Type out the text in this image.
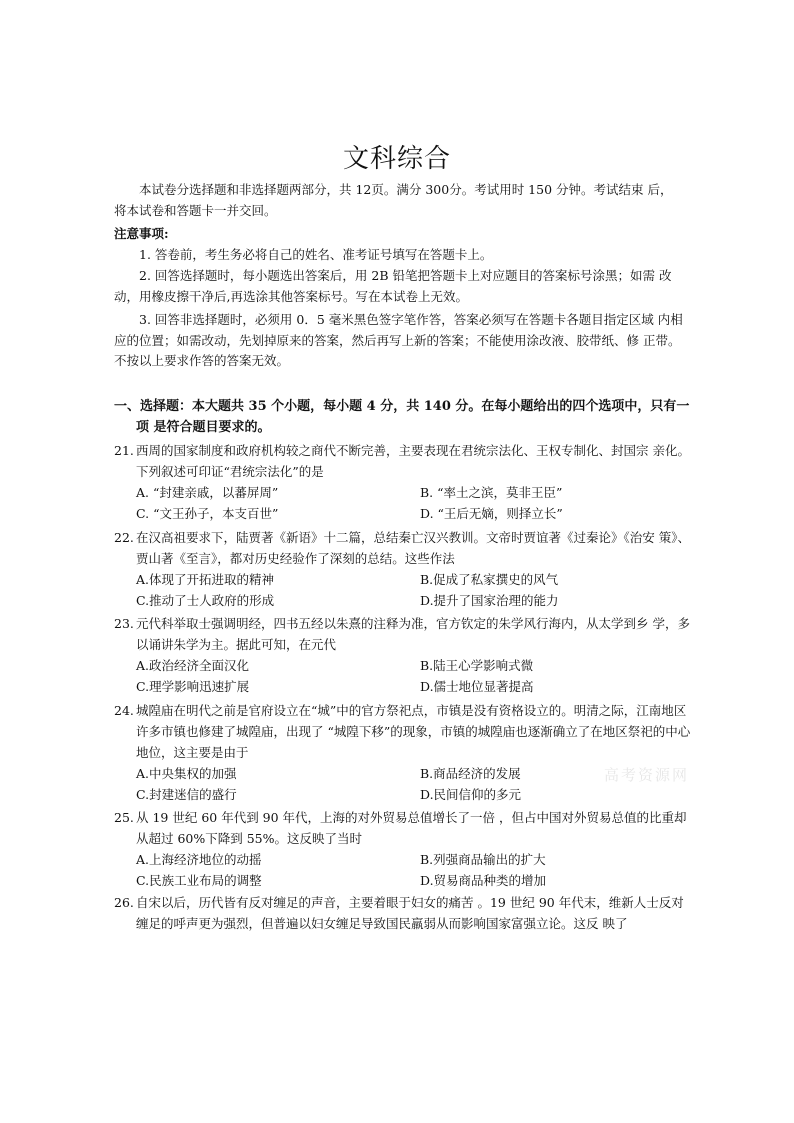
文科综合

本试卷分选择题和非选择题两部分，共 12页。满分 300分。考试用时 150 分钟。考试结束 后，将本试卷和答题卡一并交回。

注意事项:

1. 答卷前，考生务必将自己的姓名、准考证号填写在答题卡上。

2. 回答选择题时，每小题选出答案后，用 2B 铅笔把答题卡上对应题目的答案标号涂黑；如需 改动，用橡皮擦干净后,再选涂其他答案标号。写在本试卷上无效。

3. 回答非选择题时，必须用 0．5 毫米黑色签字笔作答，答案必须写在答题卡各题目指定区域 内相应的位置；如需改动，先划掉原来的答案，然后再写上新的答案；不能使用涂改液、胶带纸、修 正带。不按以上要求作答的答案无效。

一、选择题：本大题共 35 个小题，每小题 4 分，共 140 分。在每小题给出的四个选项中，只有一
项 是符合题目要求的。
21. 西周的国家制度和政府机构较之商代不断完善，主要表现在君统宗法化、王权专制化、封国宗 亲化。下列叙述可印证“君统宗法化”的是
A. “封建亲戚，以蕃屏周”	B. “率土之滨，莫非王臣”
C. “文王孙子，本支百世”	D. “王后无嫡，则择立长”
22. 在汉高祖要求下，陆贾著《新语》十二篇，总结秦亡汉兴教训。文帝时贾谊著《过秦论》《治安 策》、贾山著《至言》，都对历史经验作了深刻的总结。这些作法
A.体现了开拓进取的精神	B.促成了私家撰史的风气
C.推动了士人政府的形成	D.提升了国家治理的能力
23. 元代科举取士强调明经，四书五经以朱熹的注释为准，官方钦定的朱学风行海内，从太学到乡 学，多以诵讲朱学为主。据此可知，在元代
A.政治经济全面汉化	B.陆王心学影响式微
C.理学影响迅速扩展	D.儒士地位显著提高
24. 城隍庙在明代之前是官府设立在“城”中的官方祭祀点，市镇是没有资格设立的。明清之际，江南地区许多市镇也修建了城隍庙，出现了 “城隍下移”的现象，市镇的城隍庙也逐渐确立了在地区祭祀的中心地位，这主要是由于
A.中央集权的加强	B.商品经济的发展
C.封建迷信的盛行	D.民间信仰的多元
25. 从 19 世纪 60 年代到 90 年代，上海的对外贸易总值增长了一倍 ，但占中国对外贸易总值的比重却从超过 60%下降到 55%。这反映了当时
A.上海经济地位的动摇	B.列强商品输出的扩大
C.民族工业布局的调整	D.贸易商品种类的增加
26. 自宋以后，历代皆有反对缠足的声音，主要着眼于妇女的痛苦 。19 世纪 90 年代末，维新人士反对缠足的呼声更为强烈，但普遍以妇女缠足导致国民羸弱从而影响国家富强立论。这反 映了
高考资源网
